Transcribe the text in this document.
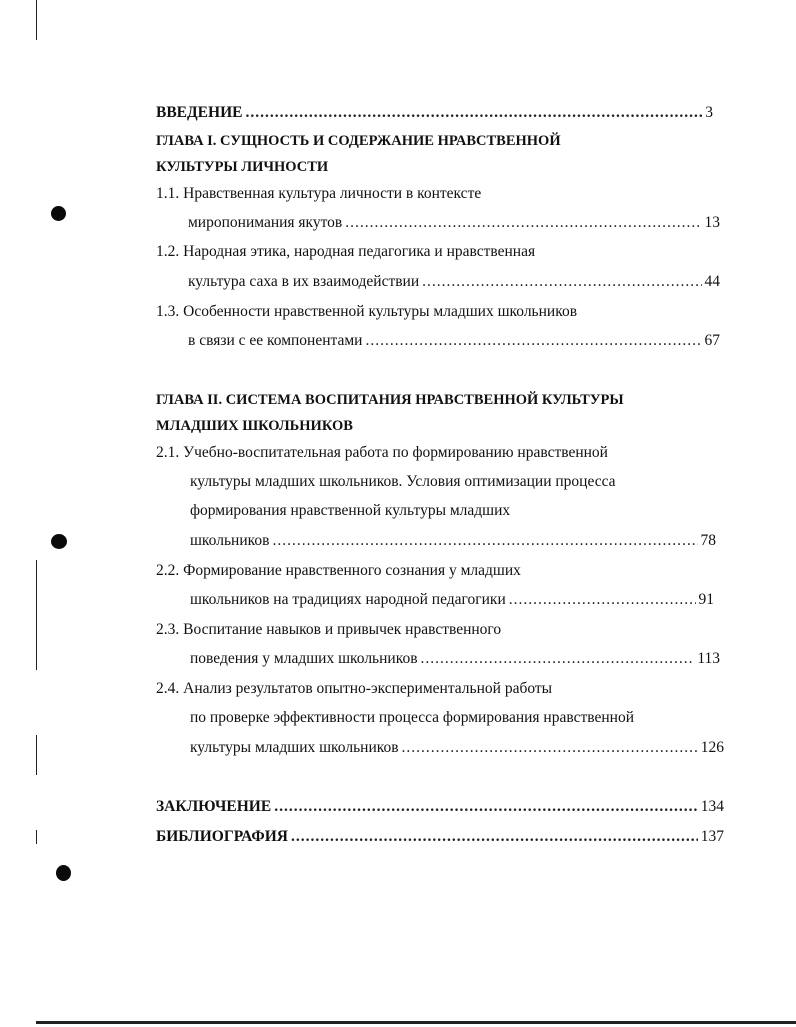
ВВЕДЕНИЕ .....	3
ГЛАВА I. СУЩНОСТЬ И СОДЕРЖАНИЕ НРАВСТВЕННОЙ
КУЛЬТУРЫ ЛИЧНОСТИ
1.1. Нравственная культура личности в контексте
миропонимания якутов .....	13
1.2. Народная этика, народная педагогика и нравственная
культура саха в их взаимодействии .....	44
1.3. Особенности нравственной культуры младших школьников
в связи с ее компонентами .....	67
ГЛАВА II. СИСТЕМА ВОСПИТАНИЯ НРАВСТВЕННОЙ КУЛЬТУРЫ
МЛАДШИХ ШКОЛЬНИКОВ
2.1. Учебно-воспитательная работа по формированию нравственной
культуры младших школьников. Условия оптимизации процесса
формирования нравственной культуры младших
школьников .....	78
2.2. Формирование нравственного сознания у младших
школьников на традициях народной педагогики .....	91
2.3. Воспитание навыков и привычек нравственного
поведения у младших школьников .....	113
2.4. Анализ результатов опытно-экспериментальной работы
по проверке эффективности процесса формирования нравственной
культуры младших школьников .....	126
ЗАКЛЮЧЕНИЕ .....	134
БИБЛИОГРАФИЯ .....	137
